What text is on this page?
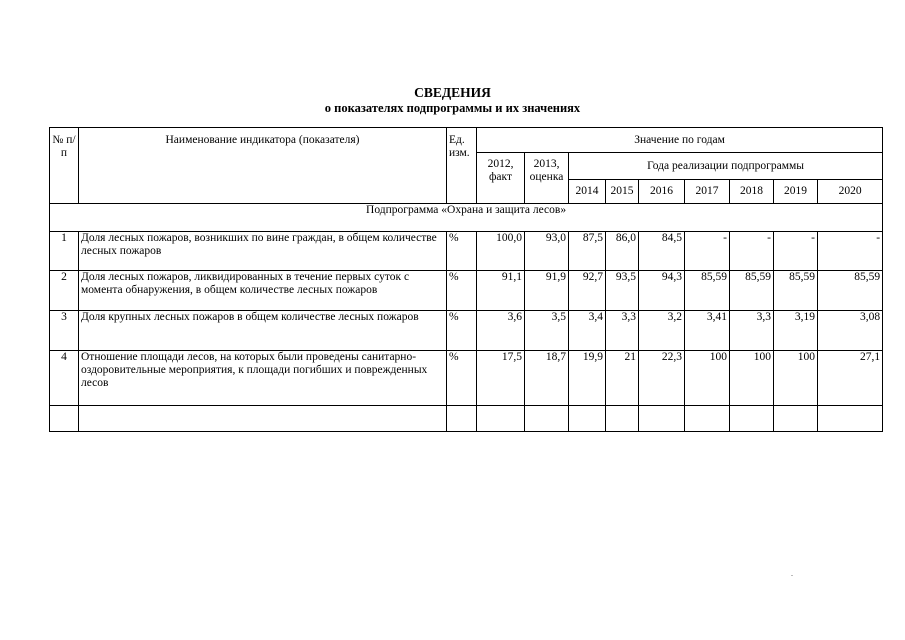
СВЕДЕНИЯ
о показателях подпрограммы и их значениях
№ п/п	Наименование индикатора (показателя)	Ед. изм.	Значение по годам								
			2012, факт	2013, оценка	Года реализации подпрограммы						
					2014	2015	2016	2017	2018	2019	2020
Подпрограмма «Охрана и защита лесов»											
1	Доля лесных пожаров, возникших по вине граждан, в общем количестве лесных пожаров	%	100,0	93,0	87,5	86,0	84,5	-	-	-	-
2	Доля лесных пожаров, ликвидированных в течение первых суток с момента обнаружения, в общем количестве лесных пожаров	%	91,1	91,9	92,7	93,5	94,3	85,59	85,59	85,59	85,59
3	Доля крупных лесных пожаров в общем количестве лесных пожаров	%	3,6	3,5	3,4	3,3	3,2	3,41	3,3	3,19	3,08
4	Отношение площади лесов, на которых были проведены санитарно-оздоровительные мероприятия, к площади погибших и поврежденных лесов	%	17,5	18,7	19,9	21	22,3	100	100	100	27,1
